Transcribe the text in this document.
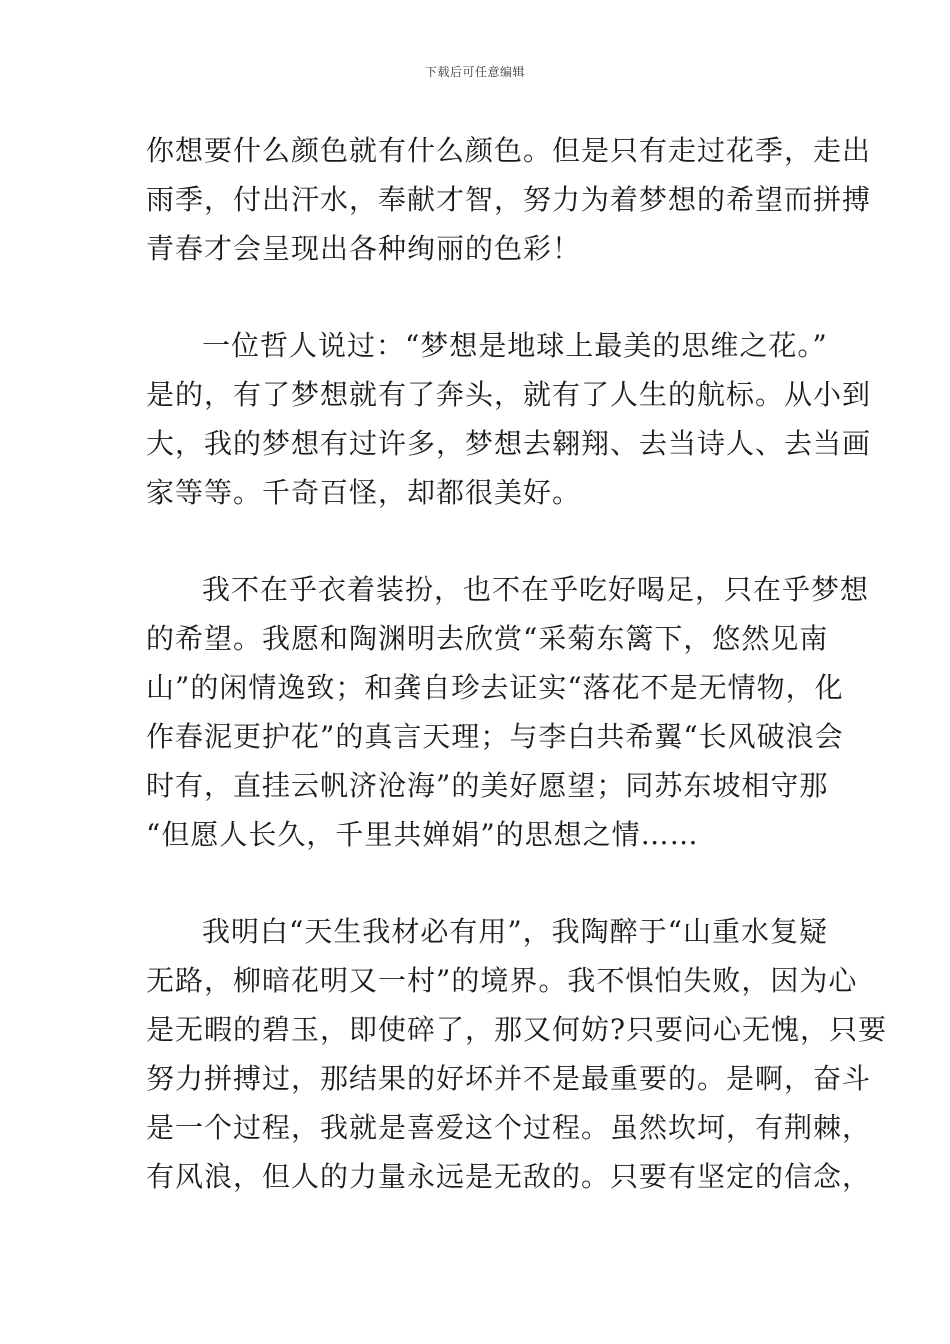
下载后可任意编辑
你想要什么颜色就有什么颜色。但是只有走过花季，走出
雨季，付出汗水，奉献才智，努力为着梦想的希望而拼搏
青春才会呈现出各种绚丽的色彩！
一位哲人说过：“梦想是地球上最美的思维之花。”
是的，有了梦想就有了奔头，就有了人生的航标。从小到
大，我的梦想有过许多，梦想去翱翔、去当诗人、去当画
家等等。千奇百怪，却都很美好。
我不在乎衣着装扮，也不在乎吃好喝足，只在乎梦想
的希望。我愿和陶渊明去欣赏“采菊东篱下，悠然见南
山”的闲情逸致；和龚自珍去证实“落花不是无情物，化
作春泥更护花”的真言天理；与李白共希翼“长风破浪会
时有，直挂云帆济沧海”的美好愿望；同苏东坡相守那
“但愿人长久，千里共婵娟”的思想之情……
我明白“天生我材必有用”，我陶醉于“山重水复疑
无路，柳暗花明又一村”的境界。我不惧怕失败，因为心
是无暇的碧玉，即使碎了，那又何妨?只要问心无愧，只要
努力拼搏过，那结果的好坏并不是最重要的。是啊，奋斗
是一个过程，我就是喜爱这个过程。虽然坎坷，有荆棘，
有风浪，但人的力量永远是无敌的。只要有坚定的信念，
